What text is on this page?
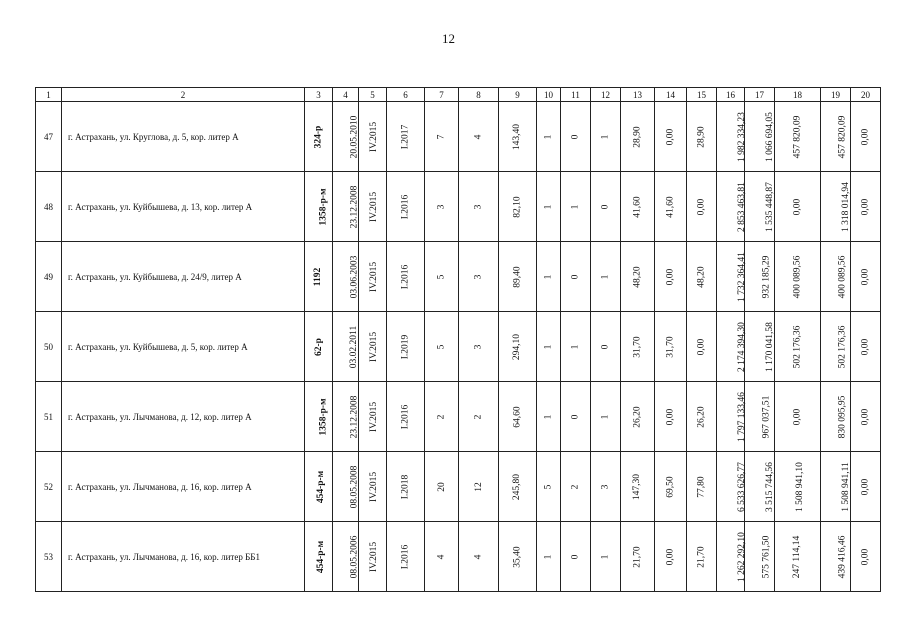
12
1	2	3	4	5	6	7	8	9	10	11	12	13	14	15	16	17	18	19	20
47	г. Астрахань, ул. Круглова, д. 5, кор. литер А	324-р	20.05.2010	IV.2015	I.2017	7	4	143,40	1	0	1	28,90	0,00	28,90	1 982 334,23	1 066 694,05	457 820,09	457 820,09	0,00
48	г. Астрахань, ул. Куйбышева, д. 13, кор. литер А	1358-р-м	23.12.2008	IV.2015	I.2016	3	3	82,10	1	1	0	41,60	41,60	0,00	2 853 463,81	1 535 448,87	0,00	1 318 014,94	0,00
49	г. Астрахань, ул. Куйбышева, д. 24/9, литер А	1192	03.06.2003	IV.2015	I.2016	5	3	89,40	1	0	1	48,20	0,00	48,20	1 732 364,41	932 185,29	400 089,56	400 089,56	0,00
50	г. Астрахань, ул. Куйбышева, д. 5, кор. литер А	62-р	03.02.2011	IV.2015	I.2019	5	3	294,10	1	1	0	31,70	31,70	0,00	2 174 394,30	1 170 041,58	502 176,36	502 176,36	0,00
51	г. Астрахань, ул. Лычманова, д. 12, кор. литер А	1358-р-м	23.12.2008	IV.2015	I.2016	2	2	64,60	1	0	1	26,20	0,00	26,20	1 797 133,46	967 037,51	0,00	830 095,95	0,00
52	г. Астрахань, ул. Лычманова, д. 16, кор. литер А	454-р-м	08.05.2008	IV.2015	I.2018	20	12	245,80	5	2	3	147,30	69,50	77,80	6 533 626,77	3 515 744,56	1 508 941,10	1 508 941,11	0,00
53	г. Астрахань, ул. Лычманова, д. 16, кор. литер ББ1	454-р-м	08.05.2006	IV.2015	I.2016	4	4	35,40	1	0	1	21,70	0,00	21,70	1 262 292,10	575 761,50	247 114,14	439 416,46	0,00
